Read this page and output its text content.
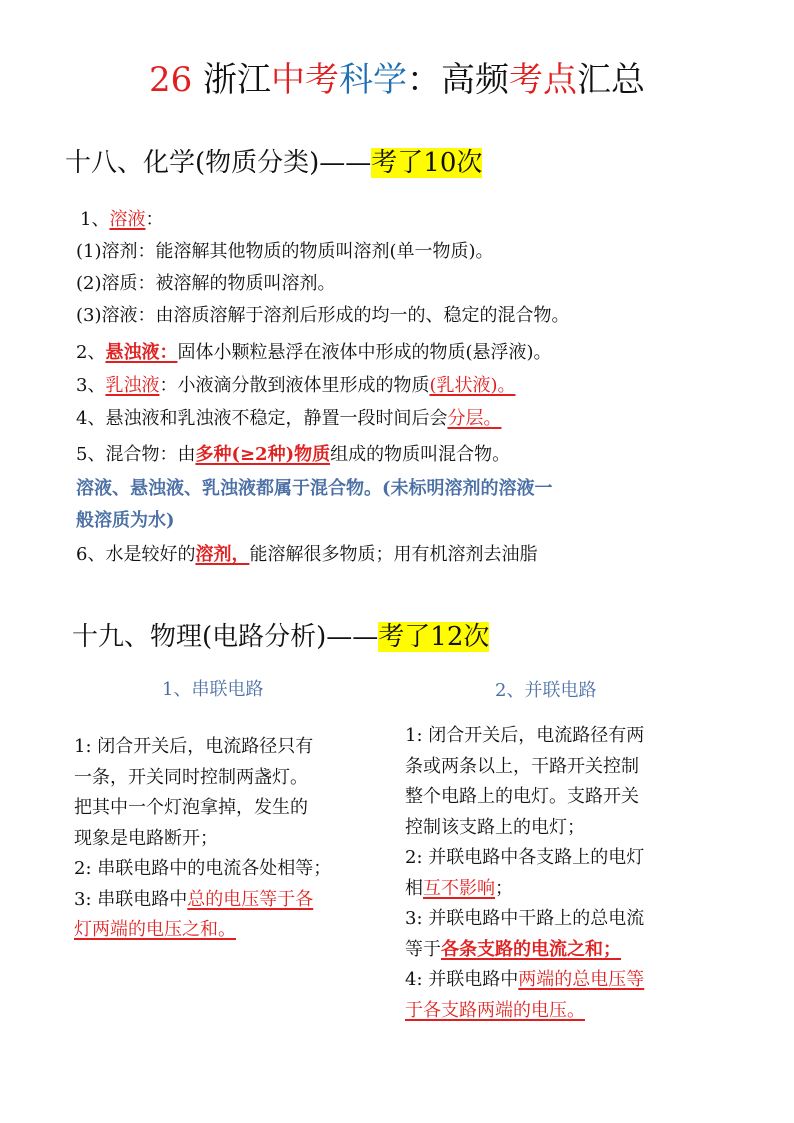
26 浙江中考科学：高频考点汇总
十八、化学(物质分类)——考了10次
1、溶液：
(1)溶剂：能溶解其他物质的物质叫溶剂(单一物质)。
(2)溶质：被溶解的物质叫溶剂。
(3)溶液：由溶质溶解于溶剂后形成的均一的、稳定的混合物。
2、悬浊液：固体小颗粒悬浮在液体中形成的物质(悬浮液)。
3、乳浊液：小液滴分散到液体里形成的物质(乳状液)。
4、悬浊液和乳浊液不稳定，静置一段时间后会分层。
5、混合物：由多种(≥2种)物质组成的物质叫混合物。
溶液、悬浊液、乳浊液都属于混合物。(未标明溶剂的溶液一
般溶质为水)
6、水是较好的溶剂，能溶解很多物质；用有机溶剂去油脂
十九、物理(电路分析)——考了12次
1、串联电路	2、并联电路
1: 闭合开关后，电流路径只有
一条，开关同时控制两盏灯。
把其中一个灯泡拿掉，发生的
现象是电路断开；
2: 串联电路中的电流各处相等；
3: 串联电路中总的电压等于各
灯两端的电压之和。
1: 闭合开关后，电流路径有两
条或两条以上，干路开关控制
整个电路上的电灯。支路开关
控制该支路上的电灯；
2: 并联电路中各支路上的电灯
相互不影响；
3: 并联电路中干路上的总电流
等于各条支路的电流之和；
4: 并联电路中两端的总电压等
于各支路两端的电压。
